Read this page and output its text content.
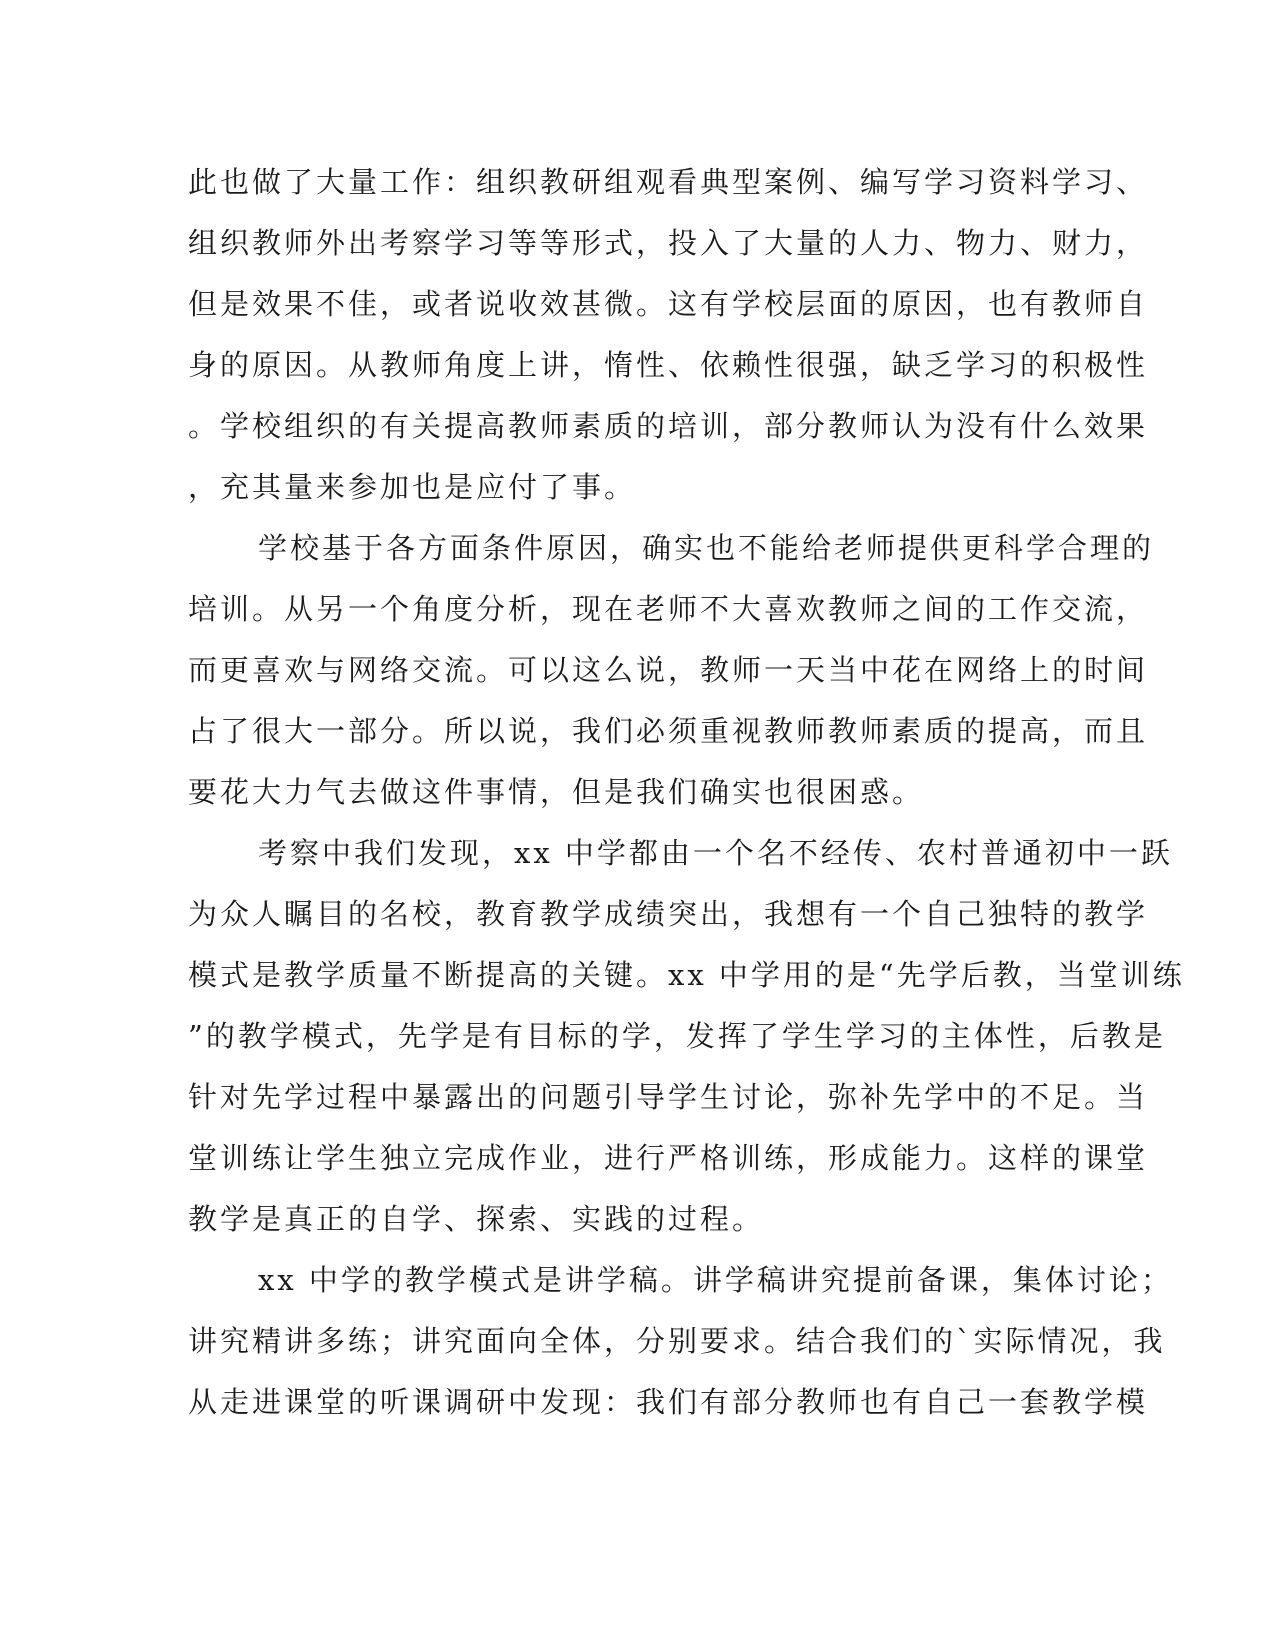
此也做了大量工作：组织教研组观看典型案例、编写学习资料学习、
组织教师外出考察学习等等形式，投入了大量的人力、物力、财力，
但是效果不佳，或者说收效甚微。这有学校层面的原因，也有教师自
身的原因。从教师角度上讲，惰性、依赖性很强，缺乏学习的积极性
。学校组织的有关提高教师素质的培训，部分教师认为没有什么效果
，充其量来参加也是应付了事。
学校基于各方面条件原因，确实也不能给老师提供更科学合理的
培训。从另一个角度分析，现在老师不大喜欢教师之间的工作交流，
而更喜欢与网络交流。可以这么说，教师一天当中花在网络上的时间
占了很大一部分。所以说，我们必须重视教师教师素质的提高，而且
要花大力气去做这件事情，但是我们确实也很困惑。
考察中我们发现，xx 中学都由一个名不经传、农村普通初中一跃
为众人瞩目的名校，教育教学成绩突出，我想有一个自己独特的教学
模式是教学质量不断提高的关键。xx 中学用的是“先学后教，当堂训练
”的教学模式，先学是有目标的学，发挥了学生学习的主体性，后教是
针对先学过程中暴露出的问题引导学生讨论，弥补先学中的不足。当
堂训练让学生独立完成作业，进行严格训练，形成能力。这样的课堂
教学是真正的自学、探索、实践的过程。
xx 中学的教学模式是讲学稿。讲学稿讲究提前备课，集体讨论；
讲究精讲多练；讲究面向全体，分别要求。结合我们的`实际情况，我
从走进课堂的听课调研中发现：我们有部分教师也有自己一套教学模
